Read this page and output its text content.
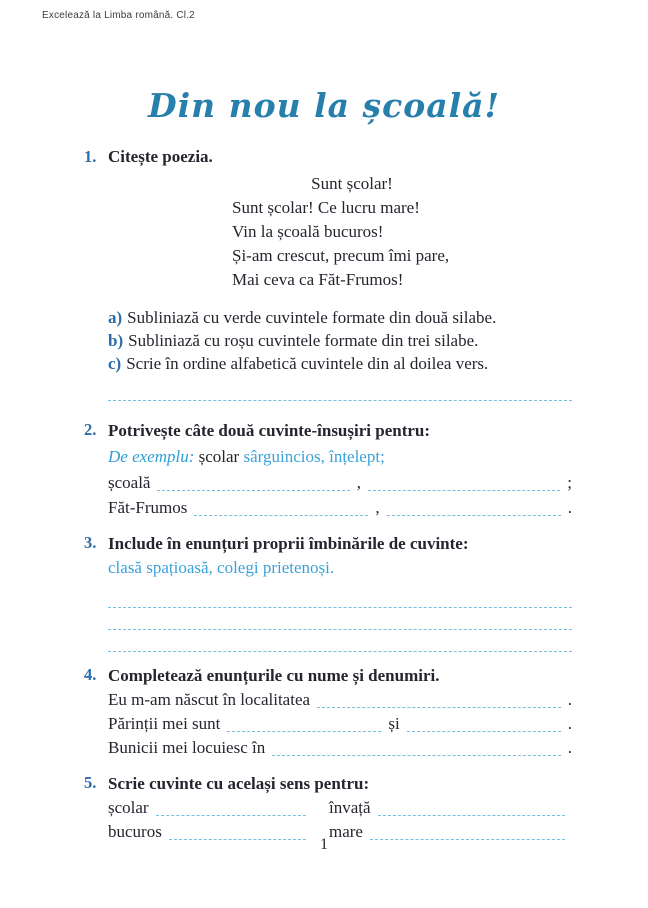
Excelează la Limba română. Cl.2
Din nou la școală!
1. Citește poezia.
Sunt școlar!
Sunt școlar! Ce lucru mare!
Vin la școală bucuros!
Și-am crescut, precum îmi pare,
Mai ceva ca Făt-Frumos!
a) Subliniază cu verde cuvintele formate din două silabe.
b) Subliniază cu roșu cuvintele formate din trei silabe.
c) Scrie în ordine alfabetică cuvintele din al doilea vers.
2. Potrivește câte două cuvinte-însușiri pentru:
De exemplu: școlar sârguincios, înțelept;
școală	,	;
Făt-Frumos	,	.
3. Include în enunțuri proprii îmbinările de cuvinte:
clasă spațioasă, colegi prietenoși.
4. Completează enunțurile cu nume și denumiri.
Eu m-am născut în localitatea	.
Părinții mei sunt	și	.
Bunicii mei locuiesc în	.
5. Scrie cuvinte cu același sens pentru:
școlar	învață
bucuros	mare
1
